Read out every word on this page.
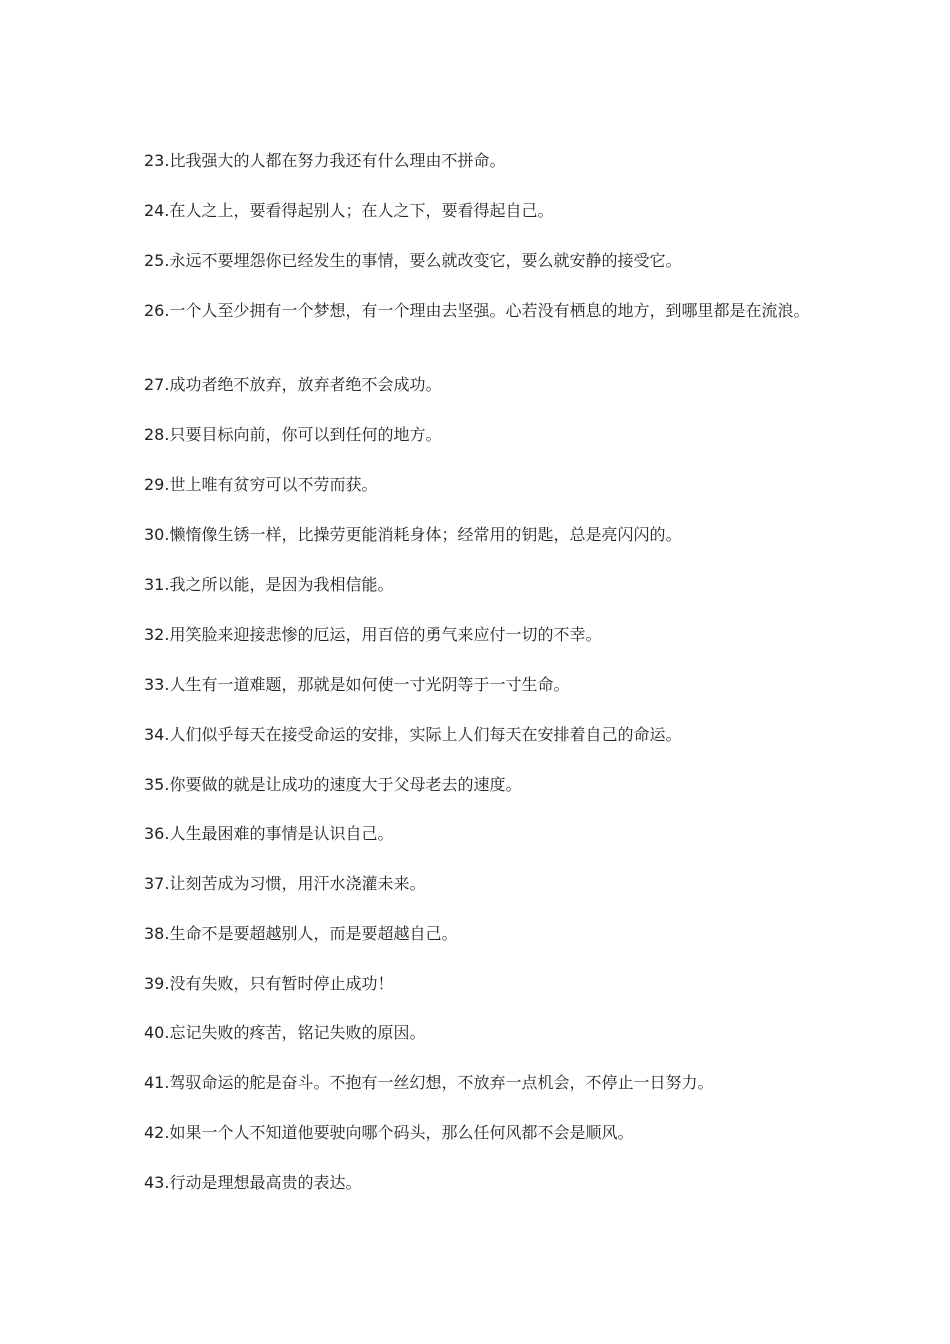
23.比我强大的人都在努力我还有什么理由不拼命。

24.在人之上，要看得起别人；在人之下，要看得起自己。

25.永远不要埋怨你已经发生的事情，要么就改变它，要么就安静的接受它。

26.一个人至少拥有一个梦想，有一个理由去坚强。心若没有栖息的地方，到哪里都是在流浪。

27.成功者绝不放弃，放弃者绝不会成功。

28.只要目标向前，你可以到任何的地方。

29.世上唯有贫穷可以不劳而获。

30.懒惰像生锈一样，比操劳更能消耗身体；经常用的钥匙，总是亮闪闪的。

31.我之所以能，是因为我相信能。

32.用笑脸来迎接悲惨的厄运，用百倍的勇气来应付一切的不幸。

33.人生有一道难题，那就是如何使一寸光阴等于一寸生命。

34.人们似乎每天在接受命运的安排，实际上人们每天在安排着自己的命运。

35.你要做的就是让成功的速度大于父母老去的速度。

36.人生最困难的事情是认识自己。

37.让刻苦成为习惯，用汗水浇灌未来。

38.生命不是要超越别人，而是要超越自己。

39.没有失败，只有暂时停止成功！

40.忘记失败的疼苦，铭记失败的原因。

41.驾驭命运的舵是奋斗。不抱有一丝幻想，不放弃一点机会，不停止一日努力。

42.如果一个人不知道他要驶向哪个码头，那么任何风都不会是顺风。

43.行动是理想最高贵的表达。
